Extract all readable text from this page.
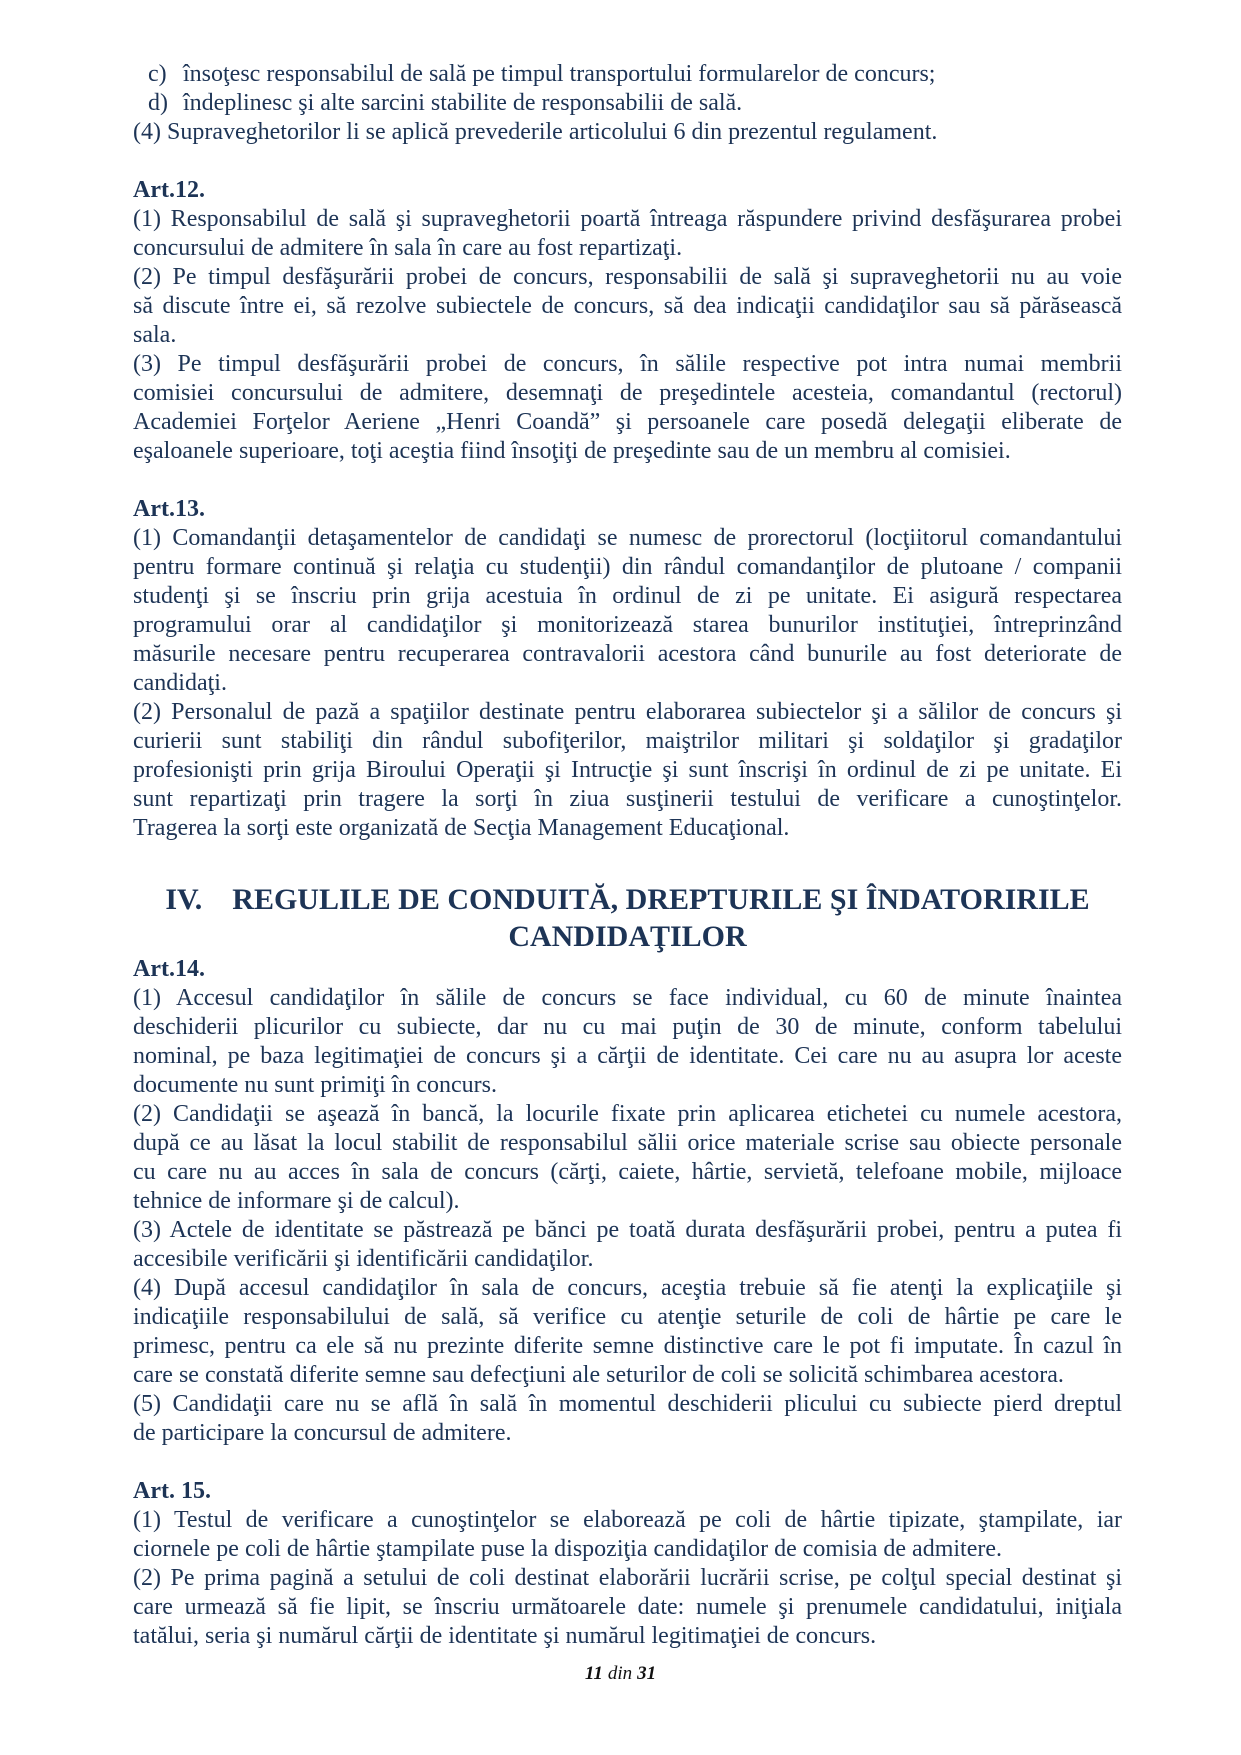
c) însoţesc responsabilul de sală pe timpul transportului formularelor de concurs;
d) îndeplinesc şi alte sarcini stabilite de responsabilii de sală.
(4) Supraveghetorilor li se aplică prevederile articolului 6 din prezentul regulament.
Art.12.
(1) Responsabilul de sală şi supraveghetorii poartă întreaga răspundere privind desfăşurarea probei
concursului de admitere în sala în care au fost repartizaţi.
(2) Pe timpul desfăşurării probei de concurs, responsabilii de sală şi supraveghetorii nu au voie
să discute între ei, să rezolve subiectele de concurs, să dea indicaţii candidaţilor sau să părăsească
sala.
(3) Pe timpul desfăşurării probei de concurs, în sălile respective pot intra numai membrii
comisiei concursului de admitere, desemnaţi de preşedintele acesteia, comandantul (rectorul)
Academiei Forţelor Aeriene „Henri Coandă” şi persoanele care posedă delegaţii eliberate de
eşaloanele superioare, toţi aceştia fiind însoţiţi de preşedinte sau de un membru al comisiei.
Art.13.
(1) Comandanţii detaşamentelor de candidaţi se numesc de prorectorul (locţiitorul comandantului
pentru formare continuă şi relaţia cu studenţii) din rândul comandanţilor de plutoane / companii
studenţi şi se înscriu prin grija acestuia în ordinul de zi pe unitate. Ei asigură respectarea
programului orar al candidaţilor şi monitorizează starea bunurilor instituţiei, întreprinzând
măsurile necesare pentru recuperarea contravalorii acestora când bunurile au fost deteriorate de
candidaţi.
(2) Personalul de pază a spaţiilor destinate pentru elaborarea subiectelor şi a sălilor de concurs şi
curierii sunt stabiliţi din rândul subofiţerilor, maiştrilor militari şi soldaţilor şi gradaţilor
profesionişti prin grija Biroului Operaţii şi Intrucţie şi sunt înscrişi în ordinul de zi pe unitate. Ei
sunt repartizaţi prin tragere la sorţi în ziua susţinerii testului de verificare a cunoştinţelor.
Tragerea la sorţi este organizată de Secţia Management Educaţional.
IV.    REGULILE DE CONDUITĂ, DREPTURILE ŞI ÎNDATORIRILE
CANDIDAŢILOR
Art.14.
(1) Accesul candidaţilor în sălile de concurs se face individual, cu 60 de minute înaintea
deschiderii plicurilor cu subiecte, dar nu cu mai puţin de 30 de minute, conform tabelului
nominal, pe baza legitimaţiei de concurs şi a cărţii de identitate. Cei care nu au asupra lor aceste
documente nu sunt primiţi în concurs.
(2) Candidaţii se aşează în bancă, la locurile fixate prin aplicarea etichetei cu numele acestora,
după ce au lăsat la locul stabilit de responsabilul sălii orice materiale scrise sau obiecte personale
cu care nu au acces în sala de concurs (cărţi, caiete, hârtie, servietă, telefoane mobile, mijloace
tehnice de informare şi de calcul).
(3) Actele de identitate se păstrează pe bănci pe toată durata desfăşurării probei, pentru a putea fi
accesibile verificării şi identificării candidaţilor.
(4) După accesul candidaţilor în sala de concurs, aceştia trebuie să fie atenţi la explicaţiile şi
indicaţiile responsabilului de sală, să verifice cu atenţie seturile de coli de hârtie pe care le
primesc, pentru ca ele să nu prezinte diferite semne distinctive care le pot fi imputate. În cazul în
care se constată diferite semne sau defecţiuni ale seturilor de coli se solicită schimbarea acestora.
(5) Candidaţii care nu se află în sală în momentul deschiderii plicului cu subiecte pierd dreptul
de participare la concursul de admitere.
Art. 15.
(1) Testul de verificare a cunoştinţelor se elaborează pe coli de hârtie tipizate, ştampilate, iar
ciornele pe coli de hârtie ştampilate puse la dispoziţia candidaţilor de comisia de admitere.
(2) Pe prima pagină a setului de coli destinat elaborării lucrării scrise, pe colţul special destinat şi
care urmează să fie lipit, se înscriu următoarele date: numele şi prenumele candidatului, iniţiala
tatălui, seria şi numărul cărţii de identitate şi numărul legitimaţiei de concurs.
11 din 31
